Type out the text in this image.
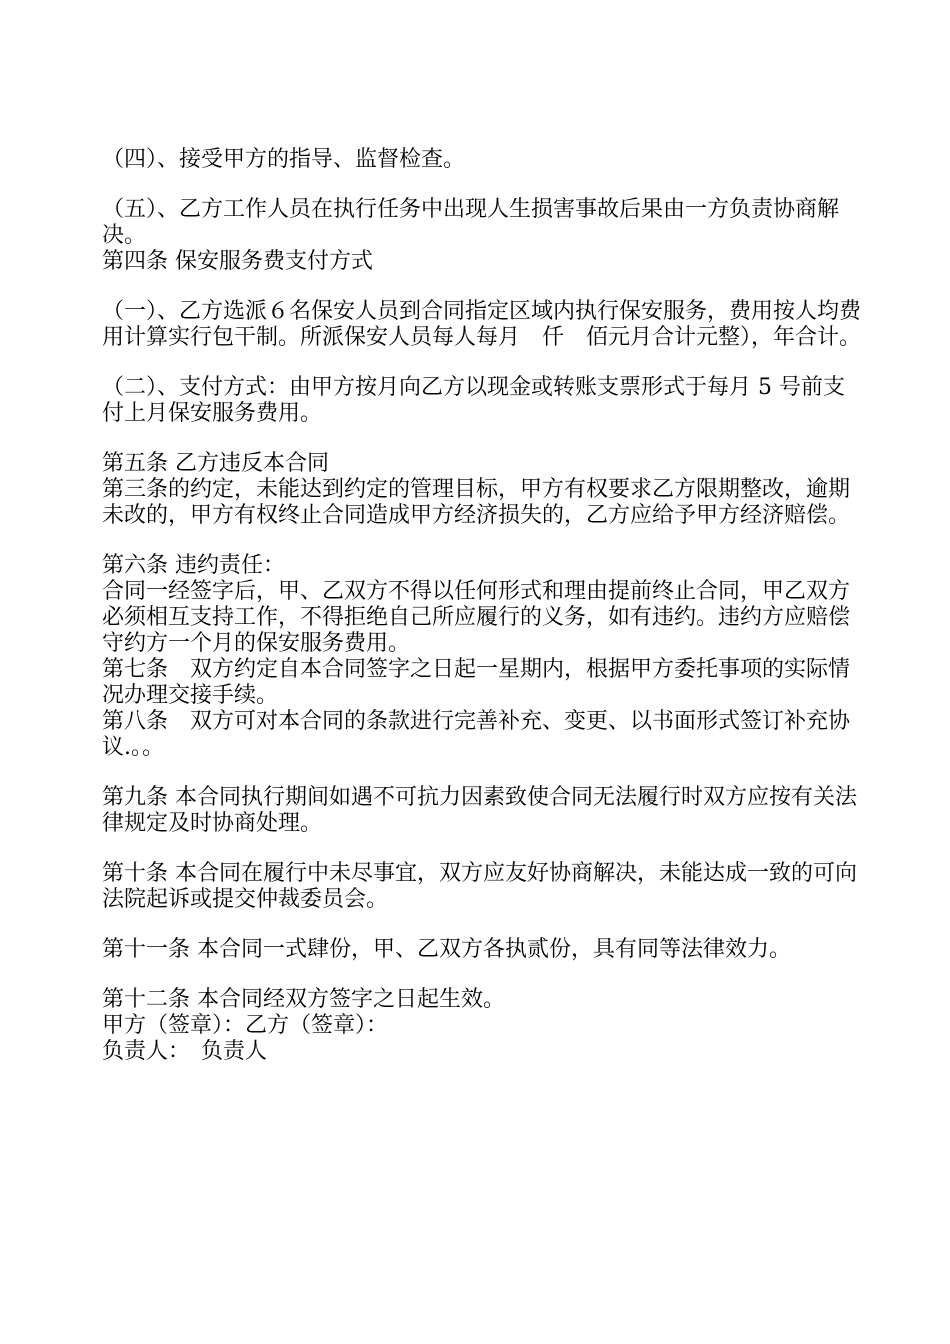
（四）、接受甲方的指导、监督检查。

（五）、乙方工作人员在执行任务中出现人生损害事故后果由一方负责协商解决。

第四条 保安服务费支付方式

（一）、乙方选派６名保安人员到合同指定区域内执行保安服务，费用按人均费用计算实行包干制。所派保安人员每人每月　仟　佰元月合计元整），年合计。

（二）、支付方式：由甲方按月向乙方以现金或转账支票形式于每月 5 号前支付上月保安服务费用。

第五条 乙方违反本合同

第三条的约定，未能达到约定的管理目标，甲方有权要求乙方限期整改，逾期未改的，甲方有权终止合同造成甲方经济损失的，乙方应给予甲方经济赔偿。

第六条 违约责任：

合同一经签字后，甲、乙双方不得以任何形式和理由提前终止合同，甲乙双方必须相互支持工作，不得拒绝自己所应履行的义务，如有违约。违约方应赔偿守约方一个月的保安服务费用。

第七条　双方约定自本合同签字之日起一星期内，根据甲方委托事项的实际情况办理交接手续。

第八条　双方可对本合同的条款进行完善补充、变更、以书面形式签订补充协议.。。

第九条 本合同执行期间如遇不可抗力因素致使合同无法履行时双方应按有关法律规定及时协商处理。

第十条 本合同在履行中未尽事宜，双方应友好协商解决，未能达成一致的可向法院起诉或提交仲裁委员会。

第十一条 本合同一式肆份，甲、乙双方各执贰份，具有同等法律效力。

第十二条 本合同经双方签字之日起生效。

甲方（签章）：乙方（签章）：

负责人：　负责人
